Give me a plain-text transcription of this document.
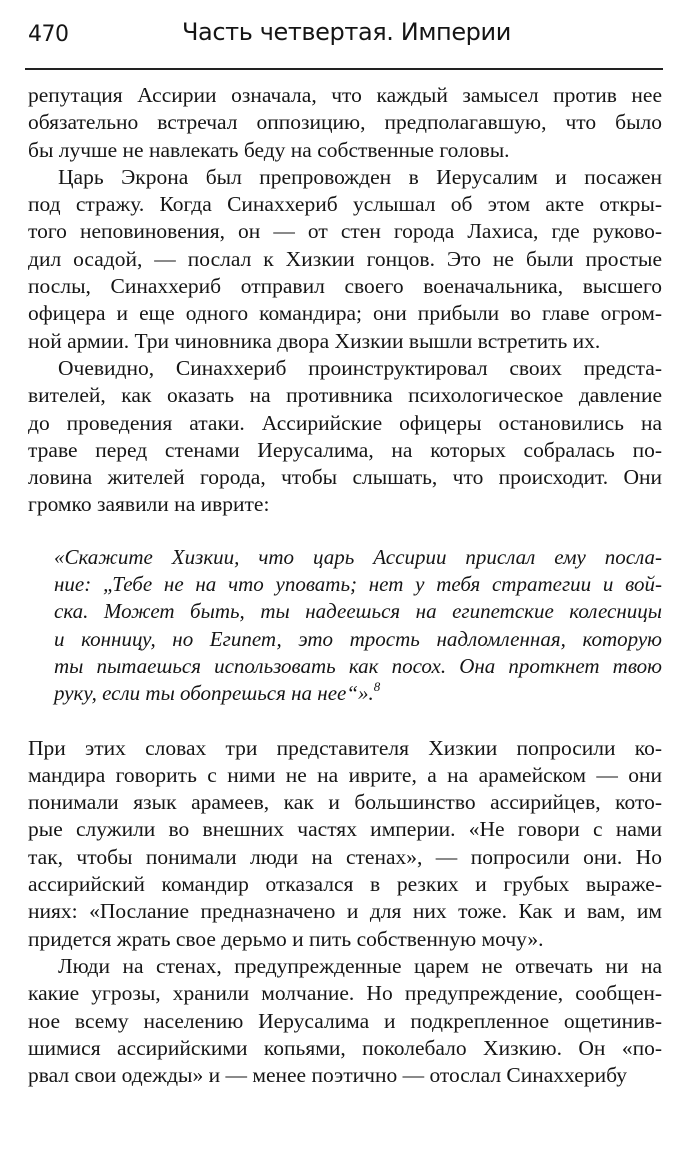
470	Часть четвертая. Империи
репутация Ассирии означала, что каждый замысел против нее
обязательно встречал оппозицию, предполагавшую, что было
бы лучше не навлекать беду на собственные головы.
Царь Экрона был препровожден в Иерусалим и посажен
под стражу. Когда Синаххериб услышал об этом акте откры-
того неповиновения, он — от стен города Лахиса, где руково-
дил осадой, — послал к Хизкии гонцов. Это не были простые
послы, Синаххериб отправил своего военачальника, высшего
офицера и еще одного командира; они прибыли во главе огром-
ной армии. Три чиновника двора Хизкии вышли встретить их.
Очевидно, Синаххериб проинструктировал своих предста-
вителей, как оказать на противника психологическое давление
до проведения атаки. Ассирийские офицеры остановились на
траве перед стенами Иерусалима, на которых собралась по-
ловина жителей города, чтобы слышать, что происходит. Они
громко заявили на иврите:
«Скажите Хизкии, что царь Ассирии прислал ему посла-
ние: „Тебе не на что уповать; нет у тебя стратегии и вой-
ска. Может быть, ты надеешься на египетские колесницы
и конницу, но Египет, это трость надломленная, которую
ты пытаешься использовать как посох. Она проткнет твою
руку, если ты обопрешься на нее“».$^8$
При этих словах три представителя Хизкии попросили ко-
мандира говорить с ними не на иврите, а на арамейском — они
понимали язык арамеев, как и большинство ассирийцев, кото-
рые служили во внешних частях империи. «Не говори с нами
так, чтобы понимали люди на стенах», — попросили они. Но
ассирийский командир отказался в резких и грубых выраже-
ниях: «Послание предназначено и для них тоже. Как и вам, им
придется жрать свое дерьмо и пить собственную мочу».
Люди на стенах, предупрежденные царем не отвечать ни на
какие угрозы, хранили молчание. Но предупреждение, сообщен-
ное всему населению Иерусалима и подкрепленное ощетинив-
шимися ассирийскими копьями, поколебало Хизкию. Он «по-
рвал свои одежды» и — менее поэтично — отослал Синаххерибу
